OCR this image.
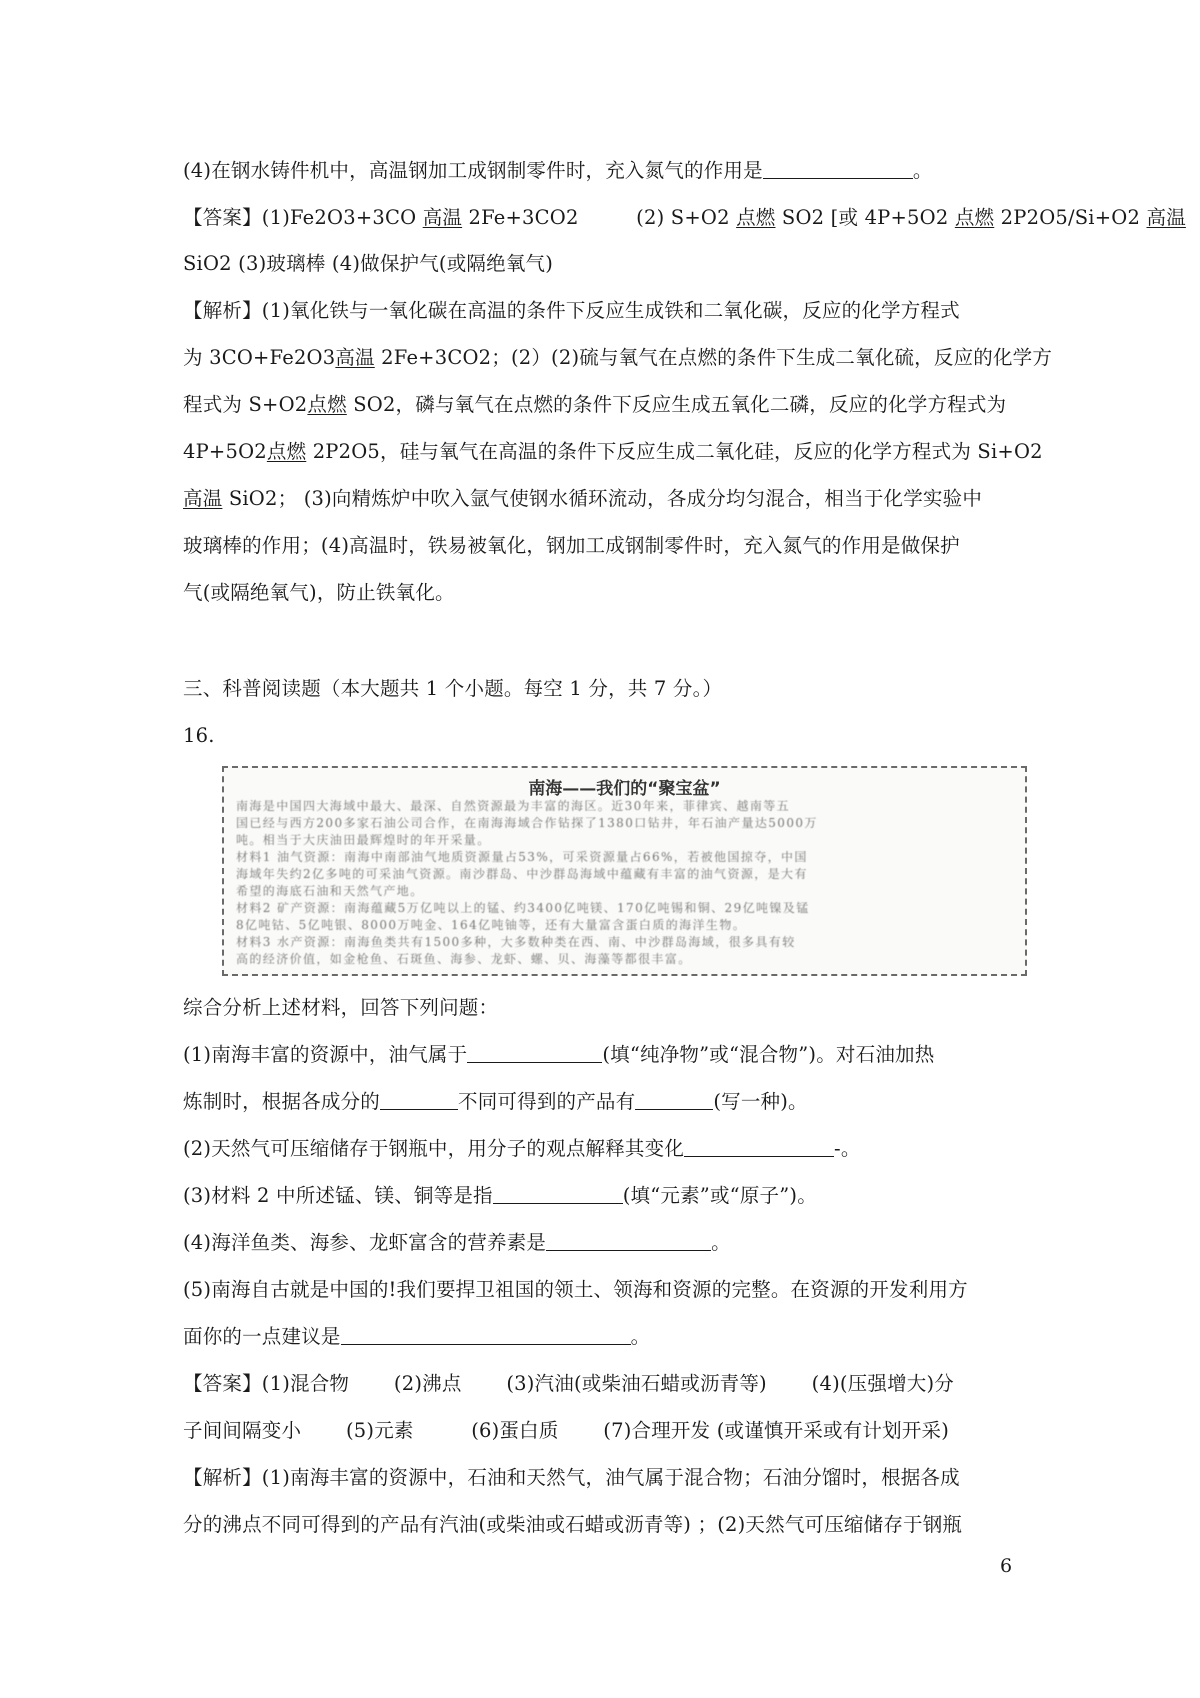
(4)在钢水铸件机中，高温钢加工成钢制零件时，充入氮气的作用是	。
【答案】(1)Fe2O3+3CO 高温 2Fe+3CO2	(2) S+O2 点燃 SO2 [或 4P+5O2 点燃 2P2O5/Si+O2 高温
SiO2 (3)玻璃棒 (4)做保护气(或隔绝氧气)
【解析】(1)氧化铁与一氧化碳在高温的条件下反应生成铁和二氧化碳，反应的化学方程式
为 3CO+Fe2O3高温 2Fe+3CO2；(2）(2)硫与氧气在点燃的条件下生成二氧化硫，反应的化学方
程式为 S+O2点燃 SO2，磷与氧气在点燃的条件下反应生成五氧化二磷，反应的化学方程式为
4P+5O2点燃 2P2O5，硅与氧气在高温的条件下反应生成二氧化硅，反应的化学方程式为 Si+O2
高温 SiO2； (3)向精炼炉中吹入氩气使钢水循环流动，各成分均匀混合，相当于化学实验中
玻璃棒的作用；(4)高温时，铁易被氧化，钢加工成钢制零件时，充入氮气的作用是做保护
气(或隔绝氧气)，防止铁氧化。
三、科普阅读题（本大题共 1 个小题。每空 1 分，共 7 分。）
16.
南海——我们的“聚宝盆”
南海是中国四大海域中最大、最深、自然资源最为丰富的海区。近30年来，菲律宾、越南等五
国已经与西方200多家石油公司合作，在南海海域合作钻探了1380口钻井，年石油产量达5000万
吨。相当于大庆油田最辉煌时的年开采量。
材料1 油气资源：南海中南部油气地质资源量占53%，可采资源量占66%，若被他国掠夺，中国
海域年失约2亿多吨的可采油气资源。南沙群岛、中沙群岛海域中蕴藏有丰富的油气资源，是大有
希望的海底石油和天然气产地。
材料2 矿产资源：南海蕴藏5万亿吨以上的锰、约3400亿吨镁、170亿吨锡和铜、29亿吨镍及锰
8亿吨钴、5亿吨银、8000万吨金、164亿吨铀等，还有大量富含蛋白质的海洋生物。
材料3 水产资源：南海鱼类共有1500多种，大多数种类在西、南、中沙群岛海域，很多具有较
高的经济价值，如金枪鱼、石斑鱼、海参、龙虾、螺、贝、海藻等都很丰富。
综合分析上述材料，回答下列问题：
(1)南海丰富的资源中，油气属于	(填“纯净物”或“混合物”)。对石油加热
炼制时，根据各成分的	不同可得到的产品有	(写一种)。
(2)天然气可压缩储存于钢瓶中，用分子的观点解释其变化	-。
(3)材料 2 中所述锰、镁、铜等是指	(填“元素”或“原子”)。
(4)海洋鱼类、海参、龙虾富含的营养素是	。
(5)南海自古就是中国的!我们要捍卫祖国的领土、领海和资源的完整。在资源的开发利用方
面你的一点建议是	。
【答案】(1)混合物       (2)沸点       (3)汽油(或柴油石蜡或沥青等)       (4)(压强增大)分
子间间隔变小       (5)元素         (6)蛋白质       (7)合理开发 (或谨慎开采或有计划开采)
【解析】(1)南海丰富的资源中，石油和天然气，油气属于混合物；石油分馏时，根据各成
分的沸点不同可得到的产品有汽油(或柴油或石蜡或沥青等) ；(2)天然气可压缩储存于钢瓶
6
